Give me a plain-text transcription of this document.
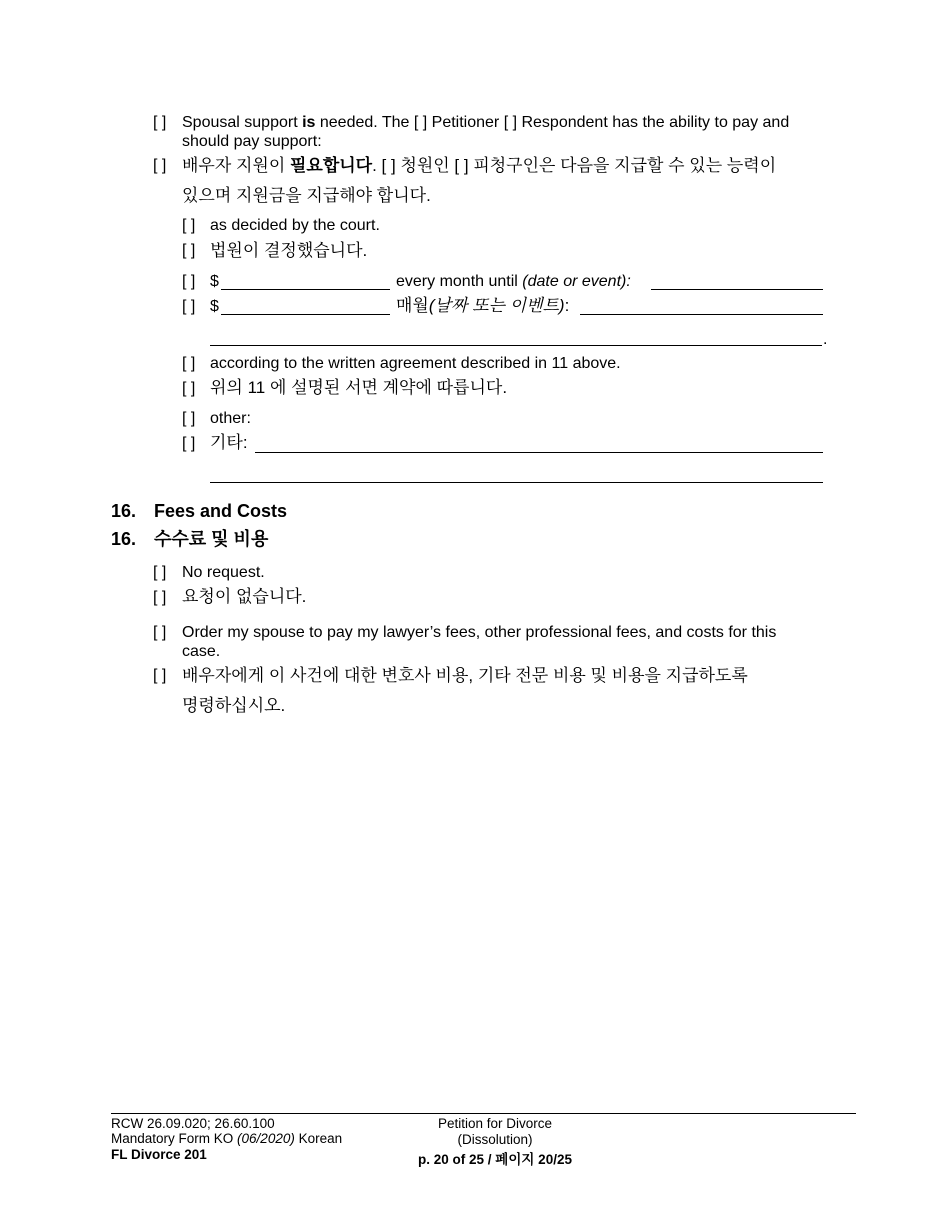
[ ] Spousal support is needed. The [ ] Petitioner [ ] Respondent has the ability to pay and
should pay support:
[ ] 배우자 지원이 필요합니다. [ ] 청원인 [ ] 피청구인은 다음을 지급할 수 있는 능력이
있으며 지원금을 지급해야 합니다.
[ ] as decided by the court.
[ ] 법원이 결정했습니다.
[ ] $	every month until (date or event):
[ ] $	매월(날짜 또는 이벤트):
.
[ ] according to the written agreement described in 11 above.
[ ] 위의 11 에 설명된 서면 계약에 따릅니다.
[ ] other:
[ ] 기타:
16. Fees and Costs
16. 수수료 및 비용
[ ] No request.
[ ] 요청이 없습니다.
[ ] Order my spouse to pay my lawyer’s fees, other professional fees, and costs for this
case.
[ ] 배우자에게 이 사건에 대한 변호사 비용, 기타 전문 비용 및 비용을 지급하도록
명령하십시오.
RCW 26.09.020; 26.60.100
Mandatory Form KO (06/2020) Korean
FL Divorce 201
Petition for Divorce
(Dissolution)
p. 20 of 25 / 페이지 20/25
